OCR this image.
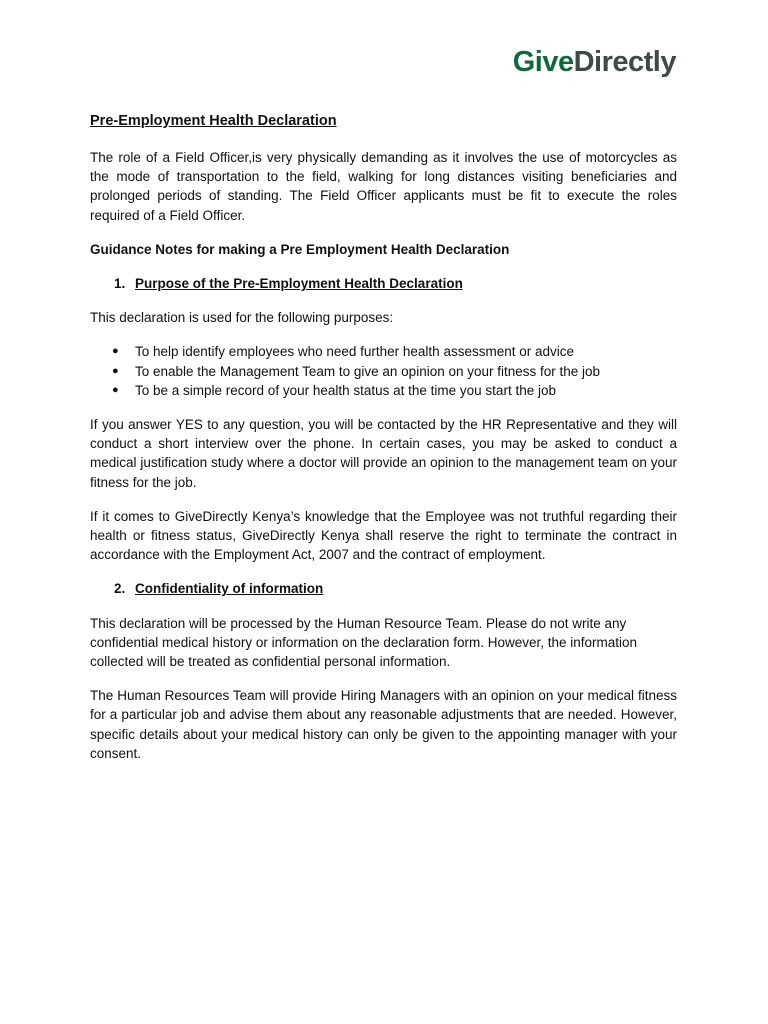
GiveDirectly
Pre-Employment Health Declaration

The role of a Field Officer,is very physically demanding as it involves the use of motorcycles as the mode of transportation to the field, walking for long distances visiting beneficiaries and prolonged periods of standing. The Field Officer applicants must be fit to execute the roles required of a Field Officer.

Guidance Notes for making a Pre Employment Health Declaration
1. Purpose of the Pre-Employment Health Declaration

This declaration is used for the following purposes:

●	To help identify employees who need further health assessment or advice
●	To enable the Management Team to give an opinion on your fitness for the job
●	To be a simple record of your health status at the time you start the job

If you answer YES to any question, you will be contacted by the HR Representative and they will conduct a short interview over the phone. In certain cases, you may be asked to conduct a medical justification study where a doctor will provide an opinion to the management team on your fitness for the job.

If it comes to GiveDirectly Kenya’s knowledge that the Employee was not truthful regarding their health or fitness status, GiveDirectly Kenya shall reserve the right to terminate the contract in accordance with the Employment Act, 2007 and the contract of employment.

2. Confidentiality of information

This declaration will be processed by the Human Resource Team. Please do not write any confidential medical history or information on the declaration form. However, the information collected will be treated as confidential personal information.

The Human Resources Team will provide Hiring Managers with an opinion on your medical fitness for a particular job and advise them about any reasonable adjustments that are needed. However, specific details about your medical history can only be given to the appointing manager with your consent.
